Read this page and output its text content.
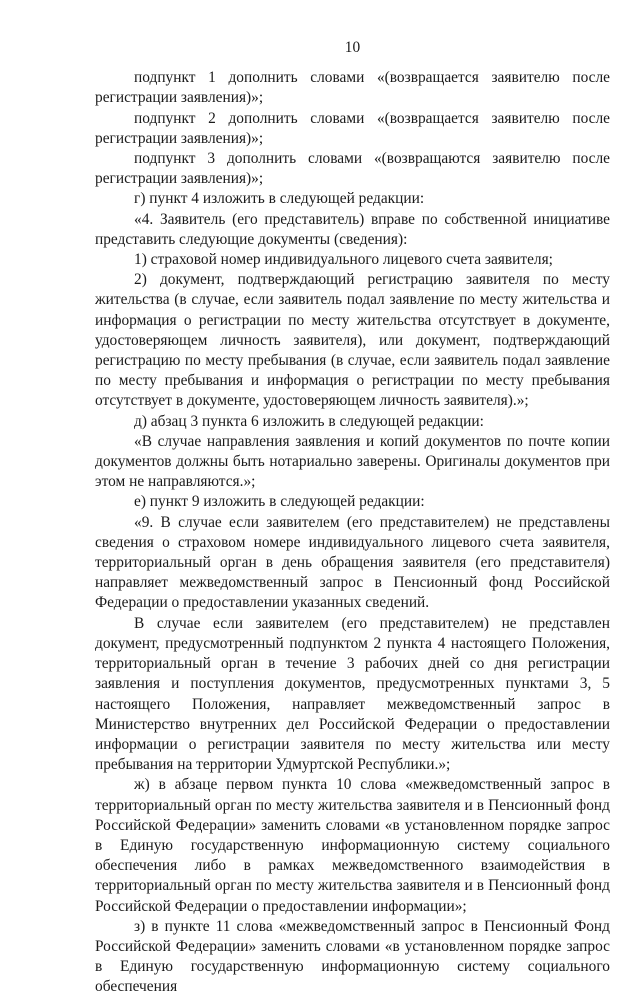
10

подпункт 1 дополнить словами «(возвращается заявителю после регистрации заявления)»;

подпункт 2 дополнить словами «(возвращается заявителю после регистрации заявления)»;

подпункт 3 дополнить словами «(возвращаются заявителю после регистрации заявления)»;

г) пункт 4 изложить в следующей редакции:

«4. Заявитель (его представитель) вправе по собственной инициативе представить следующие документы (сведения):

1) страховой номер индивидуального лицевого счета заявителя;

2) документ, подтверждающий регистрацию заявителя по месту жительства (в случае, если заявитель подал заявление по месту жительства и информация о регистрации по месту жительства отсутствует в документе, удостоверяющем личность заявителя), или документ, подтверждающий регистрацию по месту пребывания (в случае, если заявитель подал заявление по месту пребывания и информация о регистрации по месту пребывания отсутствует в документе, удостоверяющем личность заявителя).»;

д) абзац 3 пункта 6 изложить в следующей редакции:

«В случае направления заявления и копий документов по почте копии документов должны быть нотариально заверены. Оригиналы документов при этом не направляются.»;

е) пункт 9 изложить в следующей редакции:

«9. В случае если заявителем (его представителем) не представлены сведения о страховом номере индивидуального лицевого счета заявителя, территориальный орган в день обращения заявителя (его представителя) направляет межведомственный запрос в Пенсионный фонд Российской Федерации о предоставлении указанных сведений.

В случае если заявителем (его представителем) не представлен документ, предусмотренный подпунктом 2 пункта 4 настоящего Положения, территориальный орган в течение 3 рабочих дней со дня регистрации заявления и поступления документов, предусмотренных пунктами 3, 5 настоящего Положения, направляет межведомственный запрос в Министерство внутренних дел Российской Федерации о предоставлении информации о регистрации заявителя по месту жительства или месту пребывания на территории Удмуртской Республики.»;

ж) в абзаце первом пункта 10 слова «межведомственный запрос в территориальный орган по месту жительства заявителя и в Пенсионный фонд Российской Федерации» заменить словами «в установленном порядке запрос в Единую государственную информационную систему социального обеспечения либо в рамках межведомственного взаимодействия в территориальный орган по месту жительства заявителя и в Пенсионный фонд Российской Федерации о предоставлении информации»;

з) в пункте 11 слова «межведомственный запрос в Пенсионный Фонд Российской Федерации» заменить словами «в установленном порядке запрос в Единую государственную информационную систему социального обеспечения
